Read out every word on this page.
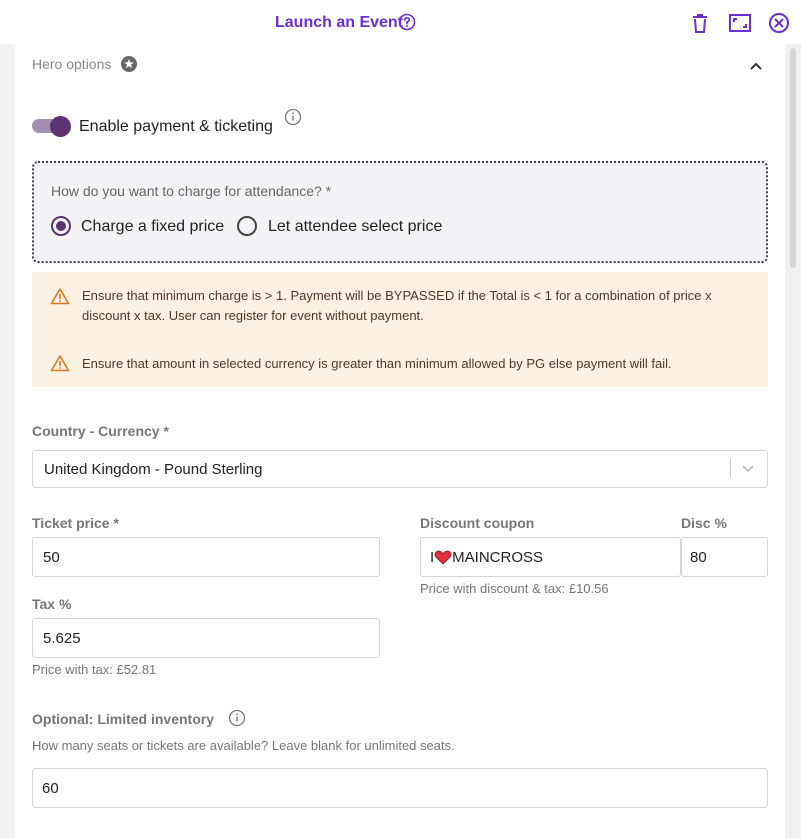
Launch an Event
Hero options
Enable payment & ticketing
How do you want to charge for attendance? *
Charge a fixed price	Let attendee select price
Ensure that minimum charge is > 1. Payment will be BYPASSED if the Total is < 1 for a combination of price x
discount x tax. User can register for event without payment.
Ensure that amount in selected currency is greater than minimum allowed by PG else payment will fail.
Country - Currency *
United Kingdom - Pound Sterling
Ticket price *
50
Tax %
5.625
Price with tax: £52.81
Discount coupon
I MAINCROSS
Price with discount & tax: £10.56
Disc %
80
Optional: Limited inventory
How many seats or tickets are available? Leave blank for unlimited seats.
60
